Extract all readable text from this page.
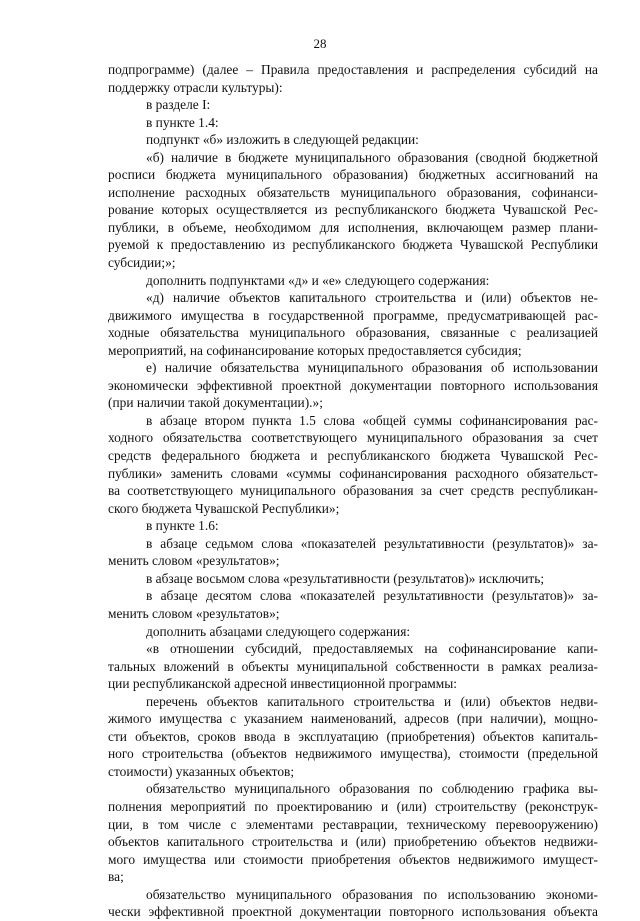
28
подпрограмме) (далее – Правила предоставления и распределения субсидий на
поддержку отрасли культуры):
в разделе I:
в пункте 1.4:
подпункт «б» изложить в следующей редакции:
«б) наличие в бюджете муниципального образования (сводной бюджетной
росписи бюджета муниципального образования) бюджетных ассигнований на
исполнение расходных обязательств муниципального образования, софинанси-
рование которых осуществляется из республиканского бюджета Чувашской Рес-
публики, в объеме, необходимом для исполнения, включающем размер плани-
руемой к предоставлению из республиканского бюджета Чувашской Республики
субсидии;»;
дополнить подпунктами «д» и «е» следующего содержания:
«д) наличие объектов капитального строительства и (или) объектов не-
движимого имущества в государственной программе, предусматривающей рас-
ходные обязательства муниципального образования, связанные с реализацией
мероприятий, на софинансирование которых предоставляется субсидия;
е) наличие обязательства муниципального образования об использовании
экономически эффективной проектной документации повторного использования
(при наличии такой документации).»;
в абзаце втором пункта 1.5 слова «общей суммы софинансирования рас-
ходного обязательства соответствующего муниципального образования за счет
средств федерального бюджета и республиканского бюджета Чувашской Рес-
публики» заменить словами «суммы софинансирования расходного обязательст-
ва соответствующего муниципального образования за счет средств республикан-
ского бюджета Чувашской Республики»;
в пункте 1.6:
в абзаце седьмом слова «показателей результативности (результатов)» за-
менить словом «результатов»;
в абзаце восьмом слова «результативности (результатов)» исключить;
в абзаце десятом слова «показателей результативности (результатов)» за-
менить словом «результатов»;
дополнить абзацами следующего содержания:
«в отношении субсидий, предоставляемых на софинансирование капи-
тальных вложений в объекты муниципальной собственности в рамках реализа-
ции республиканской адресной инвестиционной программы:
перечень объектов капитального строительства и (или) объектов недви-
жимого имущества с указанием наименований, адресов (при наличии), мощно-
сти объектов, сроков ввода в эксплуатацию (приобретения) объектов капиталь-
ного строительства (объектов недвижимого имущества), стоимости (предельной
стоимости) указанных объектов;
обязательство муниципального образования по соблюдению графика вы-
полнения мероприятий по проектированию и (или) строительству (реконструк-
ции, в том числе с элементами реставрации, техническому перевооружению)
объектов капитального строительства и (или) приобретению объектов недвижи-
мого имущества или стоимости приобретения объектов недвижимого имущест-
ва;
обязательство муниципального образования по использованию экономи-
чески эффективной проектной документации повторного использования объекта
